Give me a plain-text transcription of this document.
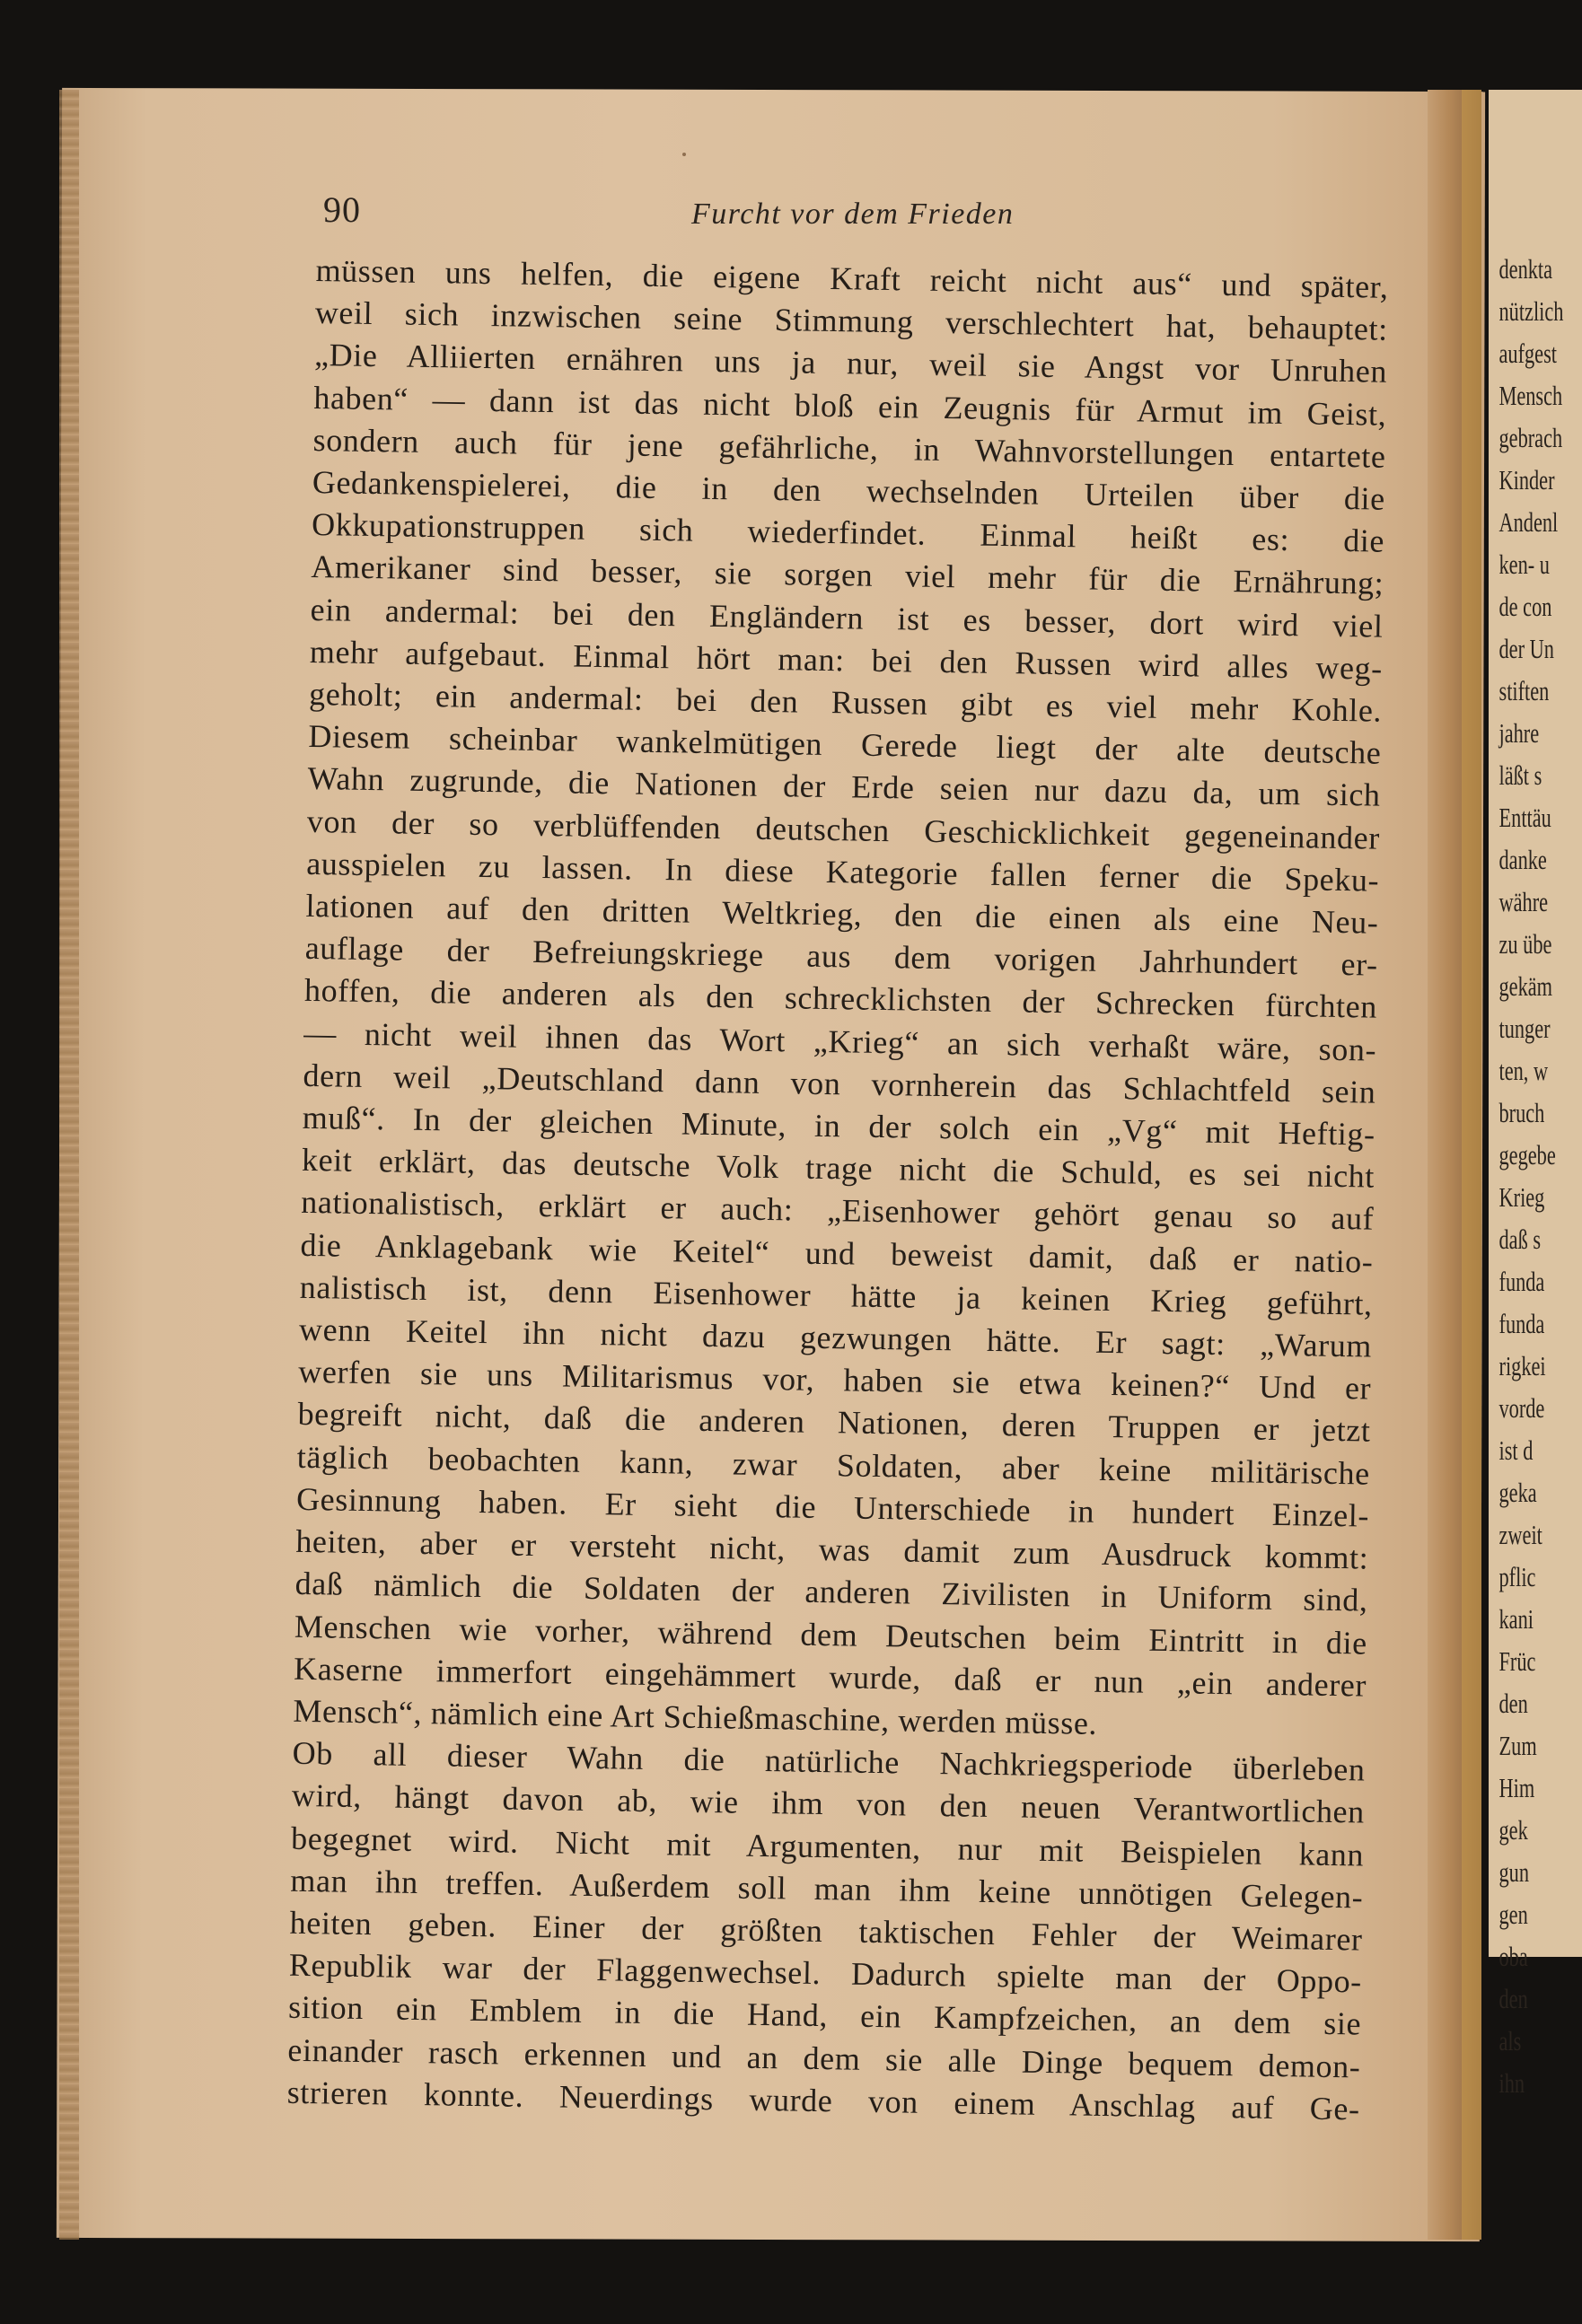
denkta
nützlich
aufgest
Mensch
gebrach
Kinder
Andenl
ken- u
de con
der Un
stiften
jahre
läßt s
Enttäu
danke
währe
zu übe
gekäm
tunger
ten, w
bruch
gegebe
Krieg
daß s
funda
funda
rigkei
vorde
ist d
geka
zweit
pflic
kani
Früc
den
Zum
Him
gek
gun
gen
oba
den
als
ihn
90	Furcht vor dem Frieden
müssen uns helfen, die eigene Kraft reicht nicht aus“ und später,
weil sich inzwischen seine Stimmung verschlechtert hat, behauptet:
„Die Alliierten ernähren uns ja nur, weil sie Angst vor Unruhen
haben“ — dann ist das nicht bloß ein Zeugnis für Armut im Geist,
sondern auch für jene gefährliche, in Wahnvorstellungen entartete
Gedankenspielerei, die in den wechselnden Urteilen über die
Okkupationstruppen sich wiederfindet. Einmal heißt es: die
Amerikaner sind besser, sie sorgen viel mehr für die Ernährung;
ein andermal: bei den Engländern ist es besser, dort wird viel
mehr aufgebaut. Einmal hört man: bei den Russen wird alles weg-
geholt; ein andermal: bei den Russen gibt es viel mehr Kohle.
Diesem scheinbar wankelmütigen Gerede liegt der alte deutsche
Wahn zugrunde, die Nationen der Erde seien nur dazu da, um sich
von der so verblüffenden deutschen Geschicklichkeit gegeneinander
ausspielen zu lassen. In diese Kategorie fallen ferner die Speku-
lationen auf den dritten Weltkrieg, den die einen als eine Neu-
auflage der Befreiungskriege aus dem vorigen Jahrhundert er-
hoffen, die anderen als den schrecklichsten der Schrecken fürchten
— nicht weil ihnen das Wort „Krieg“ an sich verhaßt wäre, son-
dern weil „Deutschland dann von vornherein das Schlachtfeld sein
muß“. In der gleichen Minute, in der solch ein „Vg“ mit Heftig-
keit erklärt, das deutsche Volk trage nicht die Schuld, es sei nicht
nationalistisch, erklärt er auch: „Eisenhower gehört genau so auf
die Anklagebank wie Keitel“ und beweist damit, daß er natio-
nalistisch ist, denn Eisenhower hätte ja keinen Krieg geführt,
wenn Keitel ihn nicht dazu gezwungen hätte. Er sagt: „Warum
werfen sie uns Militarismus vor, haben sie etwa keinen?“ Und er
begreift nicht, daß die anderen Nationen, deren Truppen er jetzt
täglich beobachten kann, zwar Soldaten, aber keine militärische
Gesinnung haben. Er sieht die Unterschiede in hundert Einzel-
heiten, aber er versteht nicht, was damit zum Ausdruck kommt:
daß nämlich die Soldaten der anderen Zivilisten in Uniform sind,
Menschen wie vorher, während dem Deutschen beim Eintritt in die
Kaserne immerfort eingehämmert wurde, daß er nun „ein anderer
Mensch“, nämlich eine Art Schießmaschine, werden müsse.
Ob all dieser Wahn die natürliche Nachkriegsperiode überleben
wird, hängt davon ab, wie ihm von den neuen Verantwortlichen
begegnet wird. Nicht mit Argumenten, nur mit Beispielen kann
man ihn treffen. Außerdem soll man ihm keine unnötigen Gelegen-
heiten geben. Einer der größten taktischen Fehler der Weimarer
Republik war der Flaggenwechsel. Dadurch spielte man der Oppo-
sition ein Emblem in die Hand, ein Kampfzeichen, an dem sie
einander rasch erkennen und an dem sie alle Dinge bequem demon-
strieren konnte. Neuerdings wurde von einem Anschlag auf Ge-
